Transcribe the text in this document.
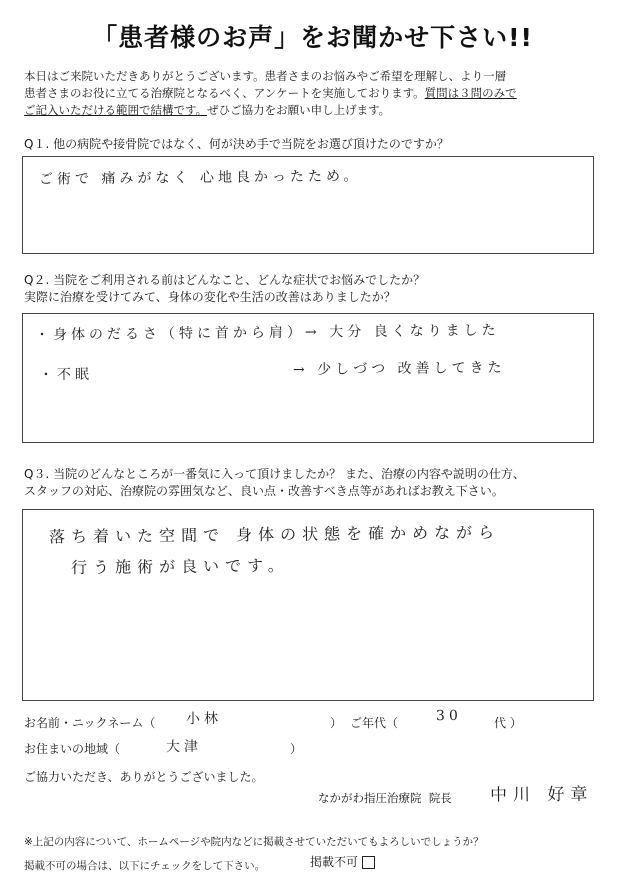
「患者様のお声」をお聞かせ下さい!!
本日はご来院いただきありがとうございます。患者さまのお悩みやご希望を理解し、より一層
患者さまのお役に立てる治療院となるべく、アンケートを実施しております。質問は３問のみで
ご記入いただける範囲で結構です。ぜひご協力をお願い申し上げます。
Q１. 他の病院や接骨院ではなく、何が決め手で当院をお選び頂けたのですか？
ご術で 痛みがなく 心地良かったため。
Q２. 当院をご利用される前はどんなこと、どんな症状でお悩みでしたか？
実際に治療を受けてみて、身体の変化や生活の改善はありましたか？
・身体のだるさ（特に首から肩）→ 大分 良くなりました
・不眠	→ 少しづつ 改善してきた
Q３. 当院のどんなところが一番気に入って頂けましたか？ また、治療の内容や説明の仕方、
スタッフの対応、治療院の雰囲気など、良い点・改善すべき点等があればお教え下さい。
落ち着いた空間で 身体の状態を確かめながら
行う施術が良いです。
お名前・ニックネーム（ 小林	） ご年代（	30	代 ）
お住まいの地域（	大津	）
ご協力いただき、ありがとうございました。
なかがわ指圧治療院 院長 中川 好章
※上記の内容について、ホームページや院内などに掲載させていただいてもよろしいでしょうか？
掲載不可の場合は、以下にチェックをして下さい。	掲載不可
